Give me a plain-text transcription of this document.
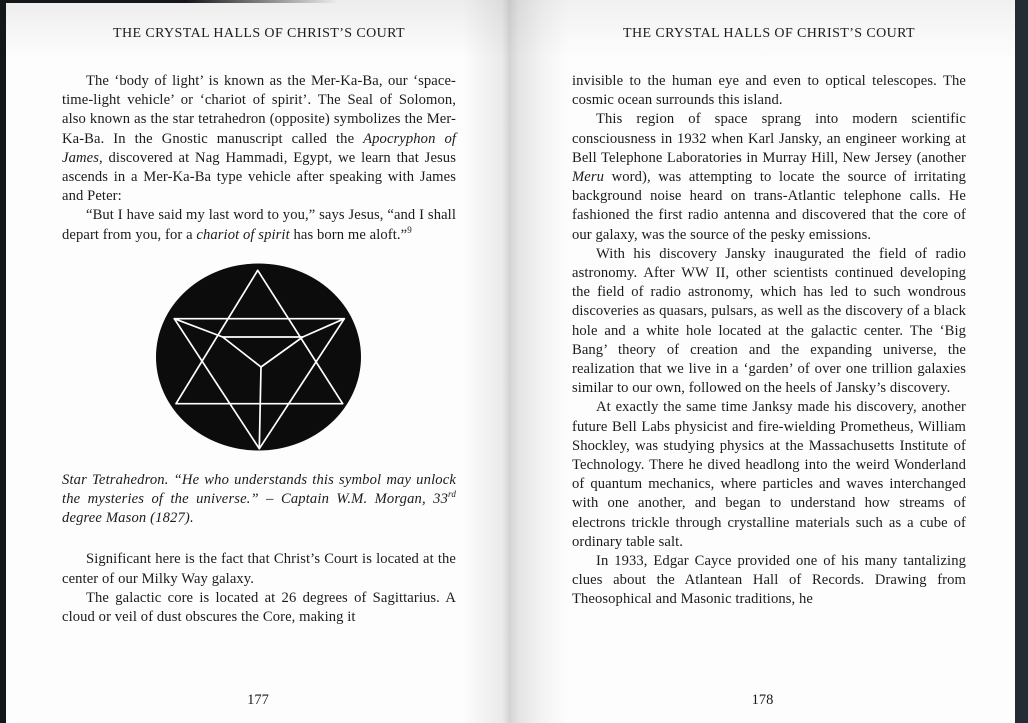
THE CRYSTAL HALLS OF CHRIST’S COURT

The ‘body of light’ is known as the Mer-Ka-Ba, our ‘space-time-light vehicle’ or ‘chariot of spirit’. The Seal of Solomon, also known as the star tetrahedron (opposite) symbolizes the Mer-Ka-Ba. In the Gnostic manuscript called the Apocryphon of James, discovered at Nag Hammadi, Egypt, we learn that Jesus ascends in a Mer-Ka-Ba type vehicle after speaking with James and Peter:

“But I have said my last word to you,” says Jesus, “and I shall depart from you, for a chariot of spirit has born me aloft.”$^9$

Star Tetrahedron. “He who understands this symbol may unlock the mysteries of the universe.” – Captain W.M. Morgan, 33rd degree Mason (1827).

Significant here is the fact that Christ’s Court is located at the center of our Milky Way galaxy.

The galactic core is located at 26 degrees of Sagittarius. A cloud or veil of dust obscures the Core, making it

177
THE CRYSTAL HALLS OF CHRIST’S COURT

invisible to the human eye and even to optical telescopes. The cosmic ocean surrounds this island.

This region of space sprang into modern scientific consciousness in 1932 when Karl Jansky, an engineer working at Bell Telephone Laboratories in Murray Hill, New Jersey (another Meru word), was attempting to locate the source of irritating background noise heard on trans-Atlantic telephone calls. He fashioned the first radio antenna and discovered that the core of our galaxy, was the source of the pesky emissions.

With his discovery Jansky inaugurated the field of radio astronomy. After WW II, other scientists continued developing the field of radio astronomy, which has led to such wondrous discoveries as quasars, pulsars, as well as the discovery of a black hole and a white hole located at the galactic center. The ‘Big Bang’ theory of creation and the expanding universe, the realization that we live in a ‘garden’ of over one trillion galaxies similar to our own, followed on the heels of Jansky’s discovery.

At exactly the same time Janksy made his discovery, another future Bell Labs physicist and fire-wielding Prometheus, William Shockley, was studying physics at the Massachusetts Institute of Technology. There he dived headlong into the weird Wonderland of quantum mechanics, where particles and waves interchanged with one another, and began to understand how streams of electrons trickle through crystalline materials such as a cube of ordinary table salt.

In 1933, Edgar Cayce provided one of his many tantalizing clues about the Atlantean Hall of Records. Drawing from Theosophical and Masonic traditions, he

178
